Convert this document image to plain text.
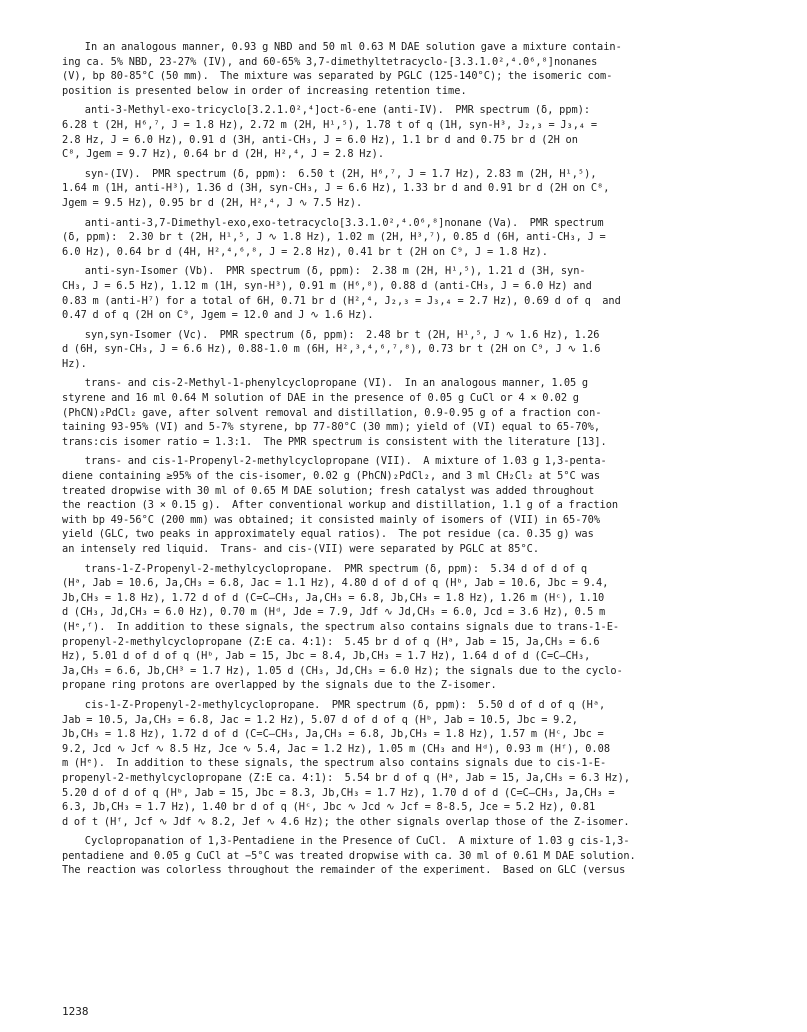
In an analogous manner, 0.93 g NBD and 50 ml 0.63 M DAE solution gave a mixture contain-
ing ca. 5% NBD, 23-27% (IV), and 60-65% 3,7-dimethyltetracyclo-[3.3.1.0²,⁴.0⁶,⁸]nonanes
(V), bp 80-85°C (50 mm).  The mixture was separated by PGLC (125-140°C); the isomeric com-
position is presented below in order of increasing retention time.
anti-3-Methyl-exo-tricyclo[3.2.1.0²,⁴]oct-6-ene (anti-IV).  PMR spectrum (δ, ppm):
6.28 t (2H, H⁶,⁷, J = 1.8 Hz), 2.72 m (2H, H¹,⁵), 1.78 t of q (1H, syn-H³, J₂,₃ = J₃,₄ =
2.8 Hz, J = 6.0 Hz), 0.91 d (3H, anti-CH₃, J = 6.0 Hz), 1.1 br d and 0.75 br d (2H on
C⁸, Jgem = 9.7 Hz), 0.64 br d (2H, H²,⁴, J = 2.8 Hz).
syn-(IV).  PMR spectrum (δ, ppm):  6.50 t (2H, H⁶,⁷, J = 1.7 Hz), 2.83 m (2H, H¹,⁵),
1.64 m (1H, anti-H³), 1.36 d (3H, syn-CH₃, J = 6.6 Hz), 1.33 br d and 0.91 br d (2H on C⁸,
Jgem = 9.5 Hz), 0.95 br d (2H, H²,⁴, J ∿ 7.5 Hz).
anti-anti-3,7-Dimethyl-exo,exo-tetracyclo[3.3.1.0²,⁴.0⁶,⁸]nonane (Va).  PMR spectrum
(δ, ppm):  2.30 br t (2H, H¹,⁵, J ∿ 1.8 Hz), 1.02 m (2H, H³,⁷), 0.85 d (6H, anti-CH₃, J =
6.0 Hz), 0.64 br d (4H, H²,⁴,⁶,⁸, J = 2.8 Hz), 0.41 br t (2H on C⁹, J = 1.8 Hz).
anti-syn-Isomer (Vb).  PMR spectrum (δ, ppm):  2.38 m (2H, H¹,⁵), 1.21 d (3H, syn-
CH₃, J = 6.5 Hz), 1.12 m (1H, syn-H³), 0.91 m (H⁶,⁸), 0.88 d (anti-CH₃, J = 6.0 Hz) and
0.83 m (anti-H⁷) for a total of 6H, 0.71 br d (H²,⁴, J₂,₃ = J₃,₄ = 2.7 Hz), 0.69 d of q  and
0.47 d of q (2H on C⁹, Jgem = 12.0 and J ∿ 1.6 Hz).
syn,syn-Isomer (Vc).  PMR spectrum (δ, ppm):  2.48 br t (2H, H¹,⁵, J ∿ 1.6 Hz), 1.26
d (6H, syn-CH₃, J = 6.6 Hz), 0.88-1.0 m (6H, H²,³,⁴,⁶,⁷,⁸), 0.73 br t (2H on C⁹, J ∿ 1.6
Hz).
trans- and cis-2-Methyl-1-phenylcyclopropane (VI).  In an analogous manner, 1.05 g
styrene and 16 ml 0.64 M solution of DAE in the presence of 0.05 g CuCl or 4 × 0.02 g
(PhCN)₂PdCl₂ gave, after solvent removal and distillation, 0.9-0.95 g of a fraction con-
taining 93-95% (VI) and 5-7% styrene, bp 77-80°C (30 mm); yield of (VI) equal to 65-70%,
trans:cis isomer ratio = 1.3:1.  The PMR spectrum is consistent with the literature [13].
trans- and cis-1-Propenyl-2-methylcyclopropane (VII).  A mixture of 1.03 g 1,3-penta-
diene containing ≥95% of the cis-isomer, 0.02 g (PhCN)₂PdCl₂, and 3 ml CH₂Cl₂ at 5°C was
treated dropwise with 30 ml of 0.65 M DAE solution; fresh catalyst was added throughout
the reaction (3 × 0.15 g).  After conventional workup and distillation, 1.1 g of a fraction
with bp 49-56°C (200 mm) was obtained; it consisted mainly of isomers of (VII) in 65-70%
yield (GLC, two peaks in approximately equal ratios).  The pot residue (ca. 0.35 g) was
an intensely red liquid.  Trans- and cis-(VII) were separated by PGLC at 85°C.
trans-1-Z-Propenyl-2-methylcyclopropane.  PMR spectrum (δ, ppm):  5.34 d of d of q
(Hᵃ, Jab = 10.6, Ja,CH₃ = 6.8, Jac = 1.1 Hz), 4.80 d of d of q (Hᵇ, Jab = 10.6, Jbc = 9.4,
Jb,CH₃ = 1.8 Hz), 1.72 d of d (C=C–CH₃, Ja,CH₃ = 6.8, Jb,CH₃ = 1.8 Hz), 1.26 m (Hᶜ), 1.10
d (CH₃, Jd,CH₃ = 6.0 Hz), 0.70 m (Hᵈ, Jde = 7.9, Jdf ∿ Jd,CH₃ = 6.0, Jcd = 3.6 Hz), 0.5 m
(Hᵉ,ᶠ).  In addition to these signals, the spectrum also contains signals due to trans-1-E-
propenyl-2-methylcyclopropane (Z:E ca. 4:1):  5.45 br d of q (Hᵃ, Jab = 15, Ja,CH₃ = 6.6
Hz), 5.01 d of d of q (Hᵇ, Jab = 15, Jbc = 8.4, Jb,CH₃ = 1.7 Hz), 1.64 d of d (C=C–CH₃,
Ja,CH₃ = 6.6, Jb,CH³ = 1.7 Hz), 1.05 d (CH₃, Jd,CH₃ = 6.0 Hz); the signals due to the cyclo-
propane ring protons are overlapped by the signals due to the Z-isomer.
cis-1-Z-Propenyl-2-methylcyclopropane.  PMR spectrum (δ, ppm):  5.50 d of d of q (Hᵃ,
Jab = 10.5, Ja,CH₃ = 6.8, Jac = 1.2 Hz), 5.07 d of d of q (Hᵇ, Jab = 10.5, Jbc = 9.2,
Jb,CH₃ = 1.8 Hz), 1.72 d of d (C=C–CH₃, Ja,CH₃ = 6.8, Jb,CH₃ = 1.8 Hz), 1.57 m (Hᶜ, Jbc =
9.2, Jcd ∿ Jcf ∿ 8.5 Hz, Jce ∿ 5.4, Jac = 1.2 Hz), 1.05 m (CH₃ and Hᵈ), 0.93 m (Hᶠ), 0.08
m (Hᵉ).  In addition to these signals, the spectrum also contains signals due to cis-1-E-
propenyl-2-methylcyclopropane (Z:E ca. 4:1):  5.54 br d of q (Hᵃ, Jab = 15, Ja,CH₃ = 6.3 Hz),
5.20 d of d of q (Hᵇ, Jab = 15, Jbc = 8.3, Jb,CH₃ = 1.7 Hz), 1.70 d of d (C=C–CH₃, Ja,CH₃ =
6.3, Jb,CH₃ = 1.7 Hz), 1.40 br d of q (Hᶜ, Jbc ∿ Jcd ∿ Jcf = 8-8.5, Jce = 5.2 Hz), 0.81
d of t (Hᶠ, Jcf ∿ Jdf ∿ 8.2, Jef ∿ 4.6 Hz); the other signals overlap those of the Z-isomer.
Cyclopropanation of 1,3-Pentadiene in the Presence of CuCl.  A mixture of 1.03 g cis-1,3-
pentadiene and 0.05 g CuCl at −5°C was treated dropwise with ca. 30 ml of 0.61 M DAE solution.
The reaction was colorless throughout the remainder of the experiment.  Based on GLC (versus
1238
